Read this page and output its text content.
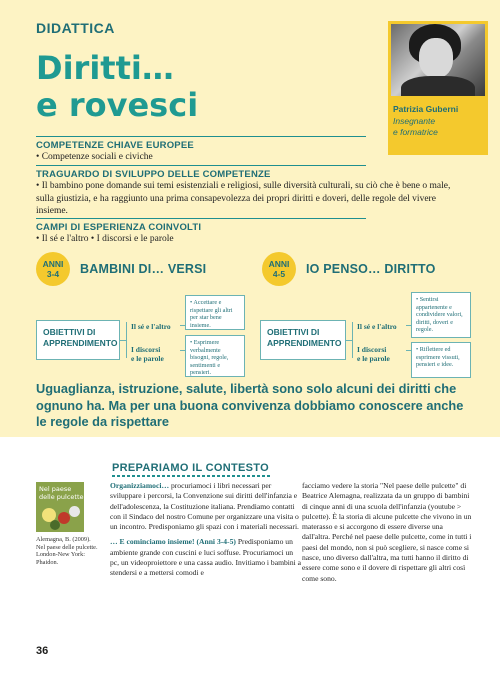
DIDATTICA
Diritti…
e rovesci	Patrizia Guberni
Insegnante
e formatrice
COMPETENZE CHIAVE EUROPEE
• Competenze sociali e civiche
TRAGUARDO DI SVILUPPO DELLE COMPETENZE
• Il bambino pone domande sui temi esistenziali e religiosi, sulle diversità culturali, su ciò che è bene o male, sulla giustizia, e ha raggiunto una prima consapevolezza dei propri diritti e doveri, delle regole del vivere insieme.
CAMPI DI ESPERIENZA COINVOLTI
• Il sé e l'altro • I discorsi e le parole
ANNI
3-4	BAMBINI DI… VERSI
OBIETTIVI DI
APPRENDIMENTO
Il sé e l'altro
I discorsi
e le parole
• Accettare e rispettare gli altri per star bene insieme.
• Esprimere verbalmente bisogni, regole, sentimenti e pensieri.
ANNI
4-5	IO PENSO… DIRITTO
OBIETTIVI DI
APPRENDIMENTO
Il sé e l'altro
I discorsi
e le parole
• Sentirsi appartenente e condividere valori, diritti, doveri e regole.
• Riflettere ed esprimere vissuti, pensieri e idee.
Uguaglianza, istruzione, salute, libertà sono solo alcuni dei diritti che ognuno ha. Ma per una buona convivenza dobbiamo conoscere anche le regole da rispettare
PREPARIAMO IL CONTESTO
Nel paese
delle pulcette
Alemagna, B. (2009). Nel paese delle pulcette. London-New York: Phaidon.

Organizziamoci… procuriamoci i libri necessari per sviluppare i percorsi, la Convenzione sui diritti dell'infanzia e dell'adolescenza, la Costituzione italiana. Prendiamo contatti con il Sindaco del nostro Comune per organizzare una visita o un incontro. Predisponiamo gli spazi con i materiali necessari.

… E cominciamo insieme! (Anni 3-4-5) Predisponiamo un ambiente grande con cuscini e luci soffuse. Procuriamoci un pc, un videoproiettore e una cassa audio. Invitiamo i bambini a stendersi e a mettersi comodi e

facciamo vedere la storia "Nel paese delle pulcette" di Beatrice Alemagna, realizzata da un gruppo di bambini di cinque anni di una scuola dell'infanzia (youtube > pulcette). È la storia di alcune pulcette che vivono in un materasso e si accorgono di essere diverse una dall'altra. Perché nel paese delle pulcette, come in tutti i paesi del mondo, non si può scegliere, si nasce come si nasce, uno diverso dall'altra, ma tutti hanno il diritto di essere come sono e il dovere di rispettare gli altri così come sono.

36
